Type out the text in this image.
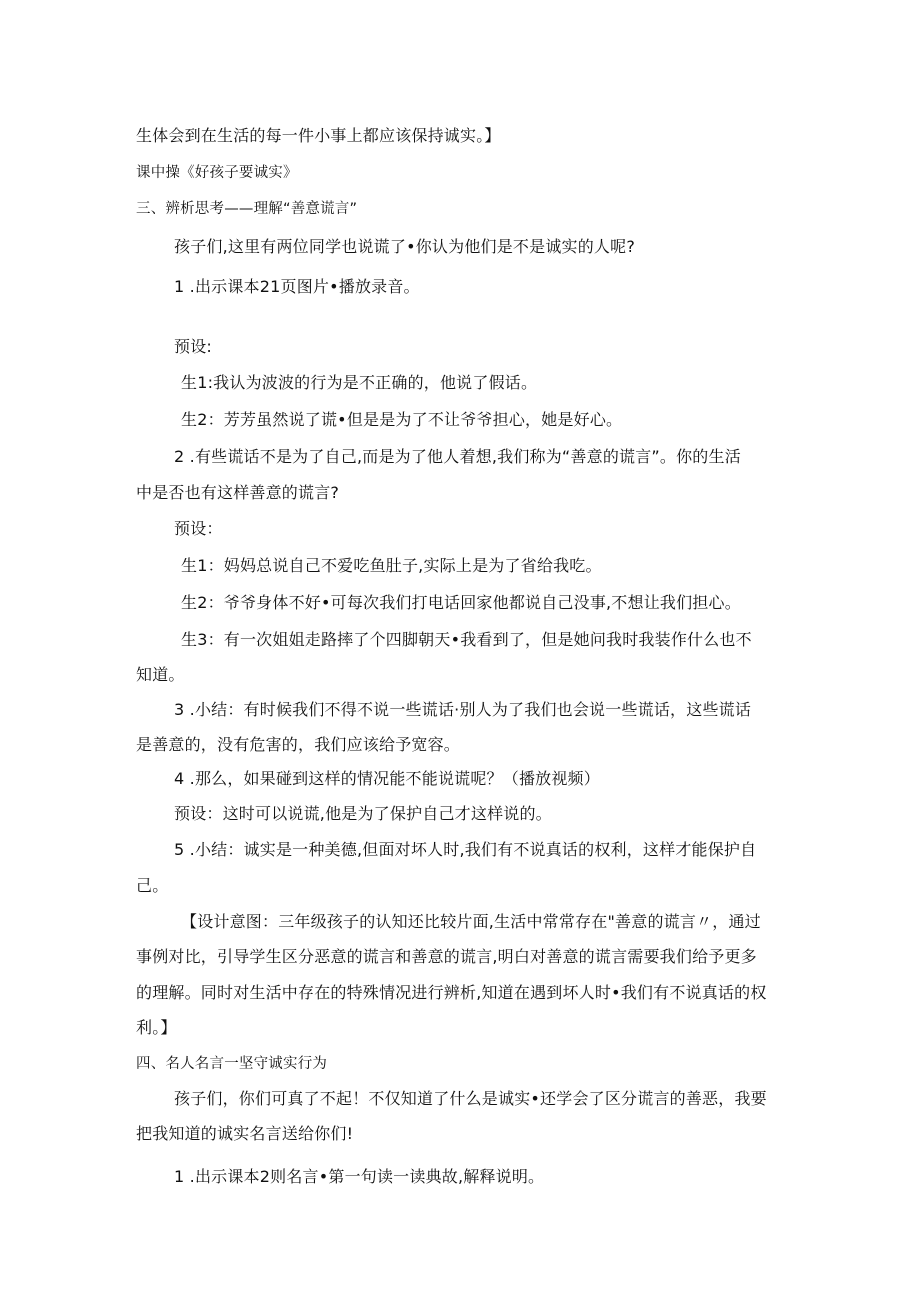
生体会到在生活的每一件小事上都应该保持诚实。】
课中操《好孩子要诚实》
三、辨析思考——理解“善意谎言”
孩子们,这里有两位同学也说谎了•你认为他们是不是诚实的人呢?
1 .出示课本21页图片•播放录音。
预设:
生1:我认为波波的行为是不正确的，他说了假话。
生2：芳芳虽然说了谎•但是是为了不让爷爷担心，她是好心。
2 .有些谎话不是为了自己,而是为了他人着想,我们称为“善意的谎言”。你的生活
中是否也有这样善意的谎言?
预设：
生1：妈妈总说自己不爱吃鱼肚子,实际上是为了省给我吃。
生2：爷爷身体不好•可每次我们打电话回家他都说自己没事,不想让我们担心。
生3：有一次姐姐走路摔了个四脚朝天•我看到了，但是她问我时我装作什么也不
知道。
3 .小结：有时候我们不得不说一些谎话·别人为了我们也会说一些谎话，这些谎话
是善意的，没有危害的，我们应该给予宽容。
4 .那么，如果碰到这样的情况能不能说谎呢？（播放视频）
预设：这时可以说谎,他是为了保护自己才这样说的。
5 .小结：诚实是一种美德,但面对坏人时,我们有不说真话的权利，这样才能保护自
己。
【设计意图：三年级孩子的认知还比较片面,生活中常常存在"善意的谎言〃，通过
事例对比，引导学生区分恶意的谎言和善意的谎言,明白对善意的谎言需要我们给予更多
的理解。同时对生活中存在的特殊情况进行辨析,知道在遇到坏人时•我们有不说真话的权
利。】
四、名人名言一坚守诚实行为
孩子们，你们可真了不起！不仅知道了什么是诚实•还学会了区分谎言的善恶，我要
把我知道的诚实名言送给你们!
1 .出示课本2则名言•第一句读一读典故,解释说明。
